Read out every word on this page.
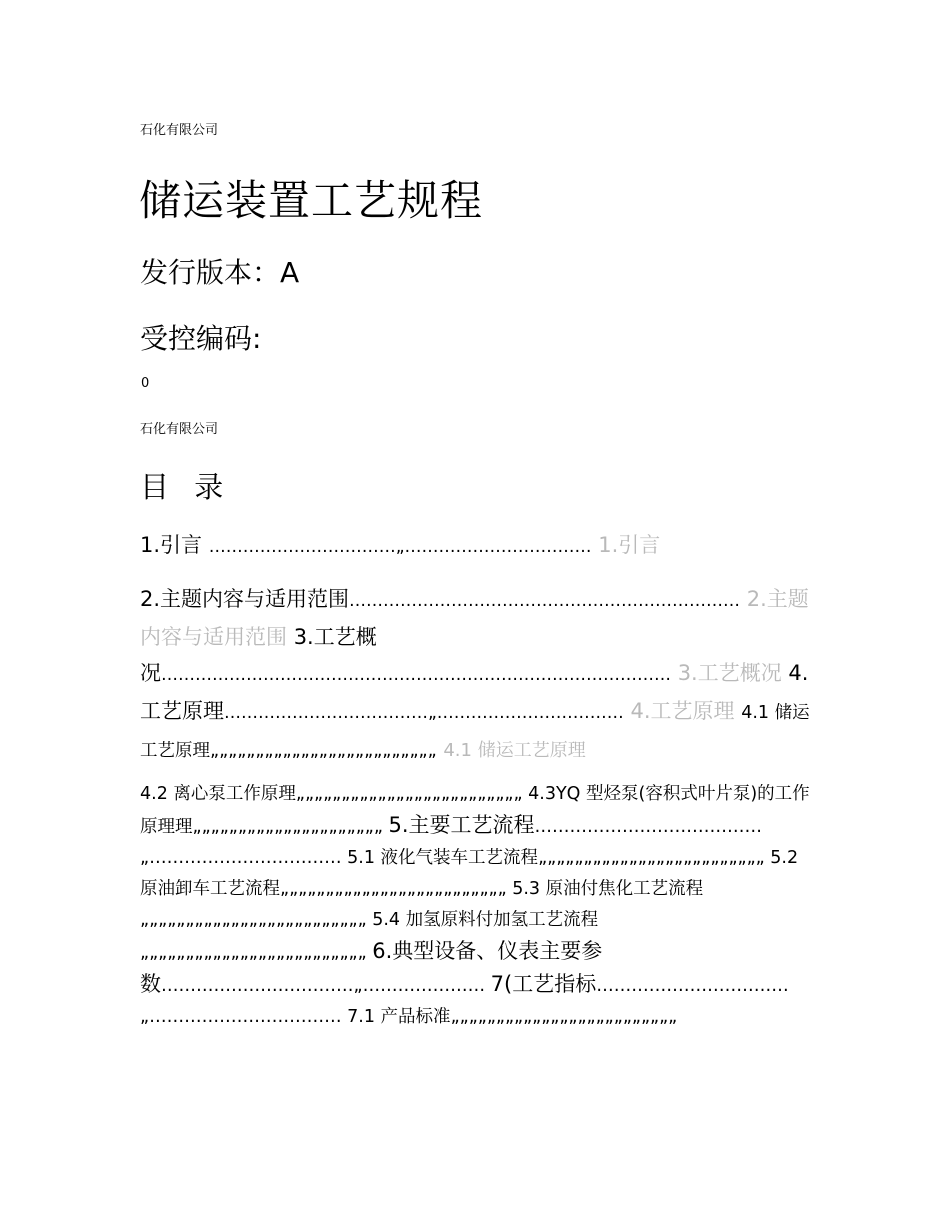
石化有限公司
储运装置工艺规程
发行版本：A
受控编码:
0
石化有限公司
目 录
1.引言 ……………………………„…………………………… 1.引言
2.主题内容与适用范围…………………………………………………………… 2.主题内容与适用范围 3.工艺概况……………………………………………………………………………… 3.工艺概况 4.工艺原理………………………………„…………………………… 4.工艺原理 4.1 储运工艺原理„„„„„„„„„„„„„„„„„„„„„„„„„ 4.1 储运工艺原理
4.2 离心泵工作原理„„„„„„„„„„„„„„„„„„„„„„„„„ 4.3YQ 型烃泵(容积式叶片泵)的工作原理理„„„„„„„„„„„„„„„„„„„„„ 5.主要工艺流程…………………………………„…………………………… 5.1 液化气装车工艺流程„„„„„„„„„„„„„„„„„„„„„„„„„ 5.2 原油卸车工艺流程„„„„„„„„„„„„„„„„„„„„„„„„„ 5.3 原油付焦化工艺流程„„„„„„„„„„„„„„„„„„„„„„„„„ 5.4 加氢原料付加氢工艺流程„„„„„„„„„„„„„„„„„„„„„„„„„ 6.典型设备、仪表主要参数……………………………„………………… 7(工艺指标……………………………„…………………………… 7.1 产品标准„„„„„„„„„„„„„„„„„„„„„„„„„
